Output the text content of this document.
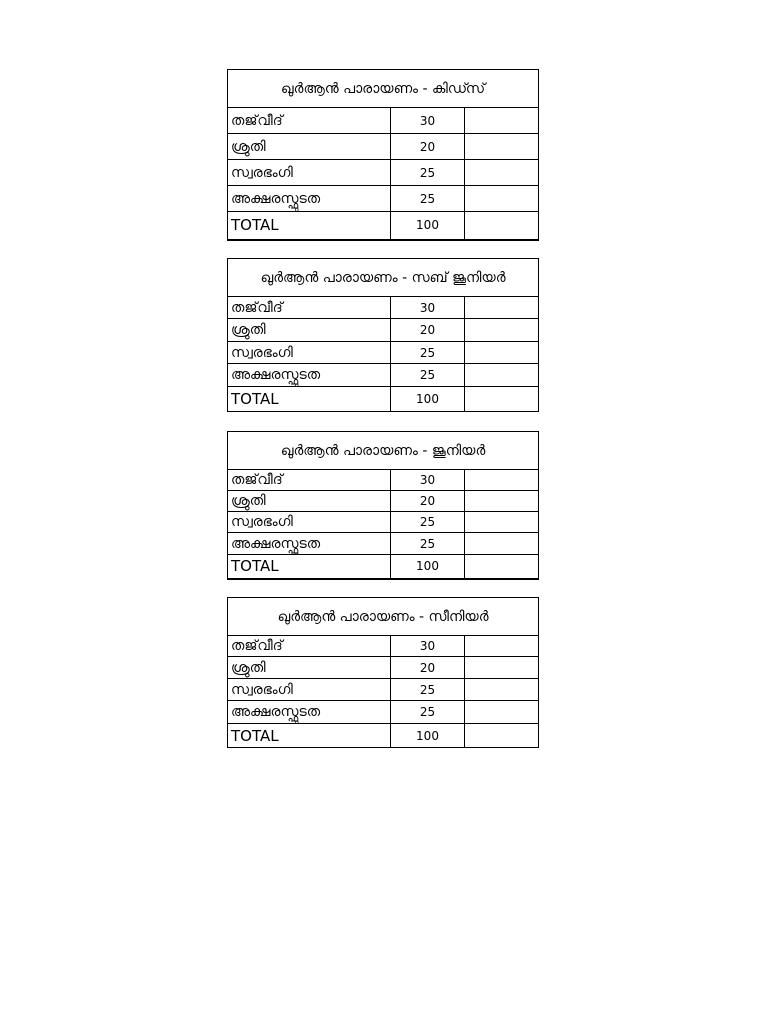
ഖുർആൻ പാരായണം - കിഡ്സ്		
തജ്‌വീദ്	30	
ശ്രുതി	20	
സ്വരഭംഗി	25	
അക്ഷരസ്ഫുടത	25	
TOTAL	100	
ഖുർആൻ പാരായണം - സബ് ജൂനിയർ		
തജ്‌വീദ്	30	
ശ്രുതി	20	
സ്വരഭംഗി	25	
അക്ഷരസ്ഫുടത	25	
TOTAL	100	
ഖുർആൻ പാരായണം - ജൂനിയർ		
തജ്‌വീദ്	30	
ശ്രുതി	20	
സ്വരഭംഗി	25	
അക്ഷരസ്ഫുടത	25	
TOTAL	100	
ഖുർആൻ പാരായണം - സീനിയർ		
തജ്‌വീദ്	30	
ശ്രുതി	20	
സ്വരഭംഗി	25	
അക്ഷരസ്ഫുടത	25	
TOTAL	100	
